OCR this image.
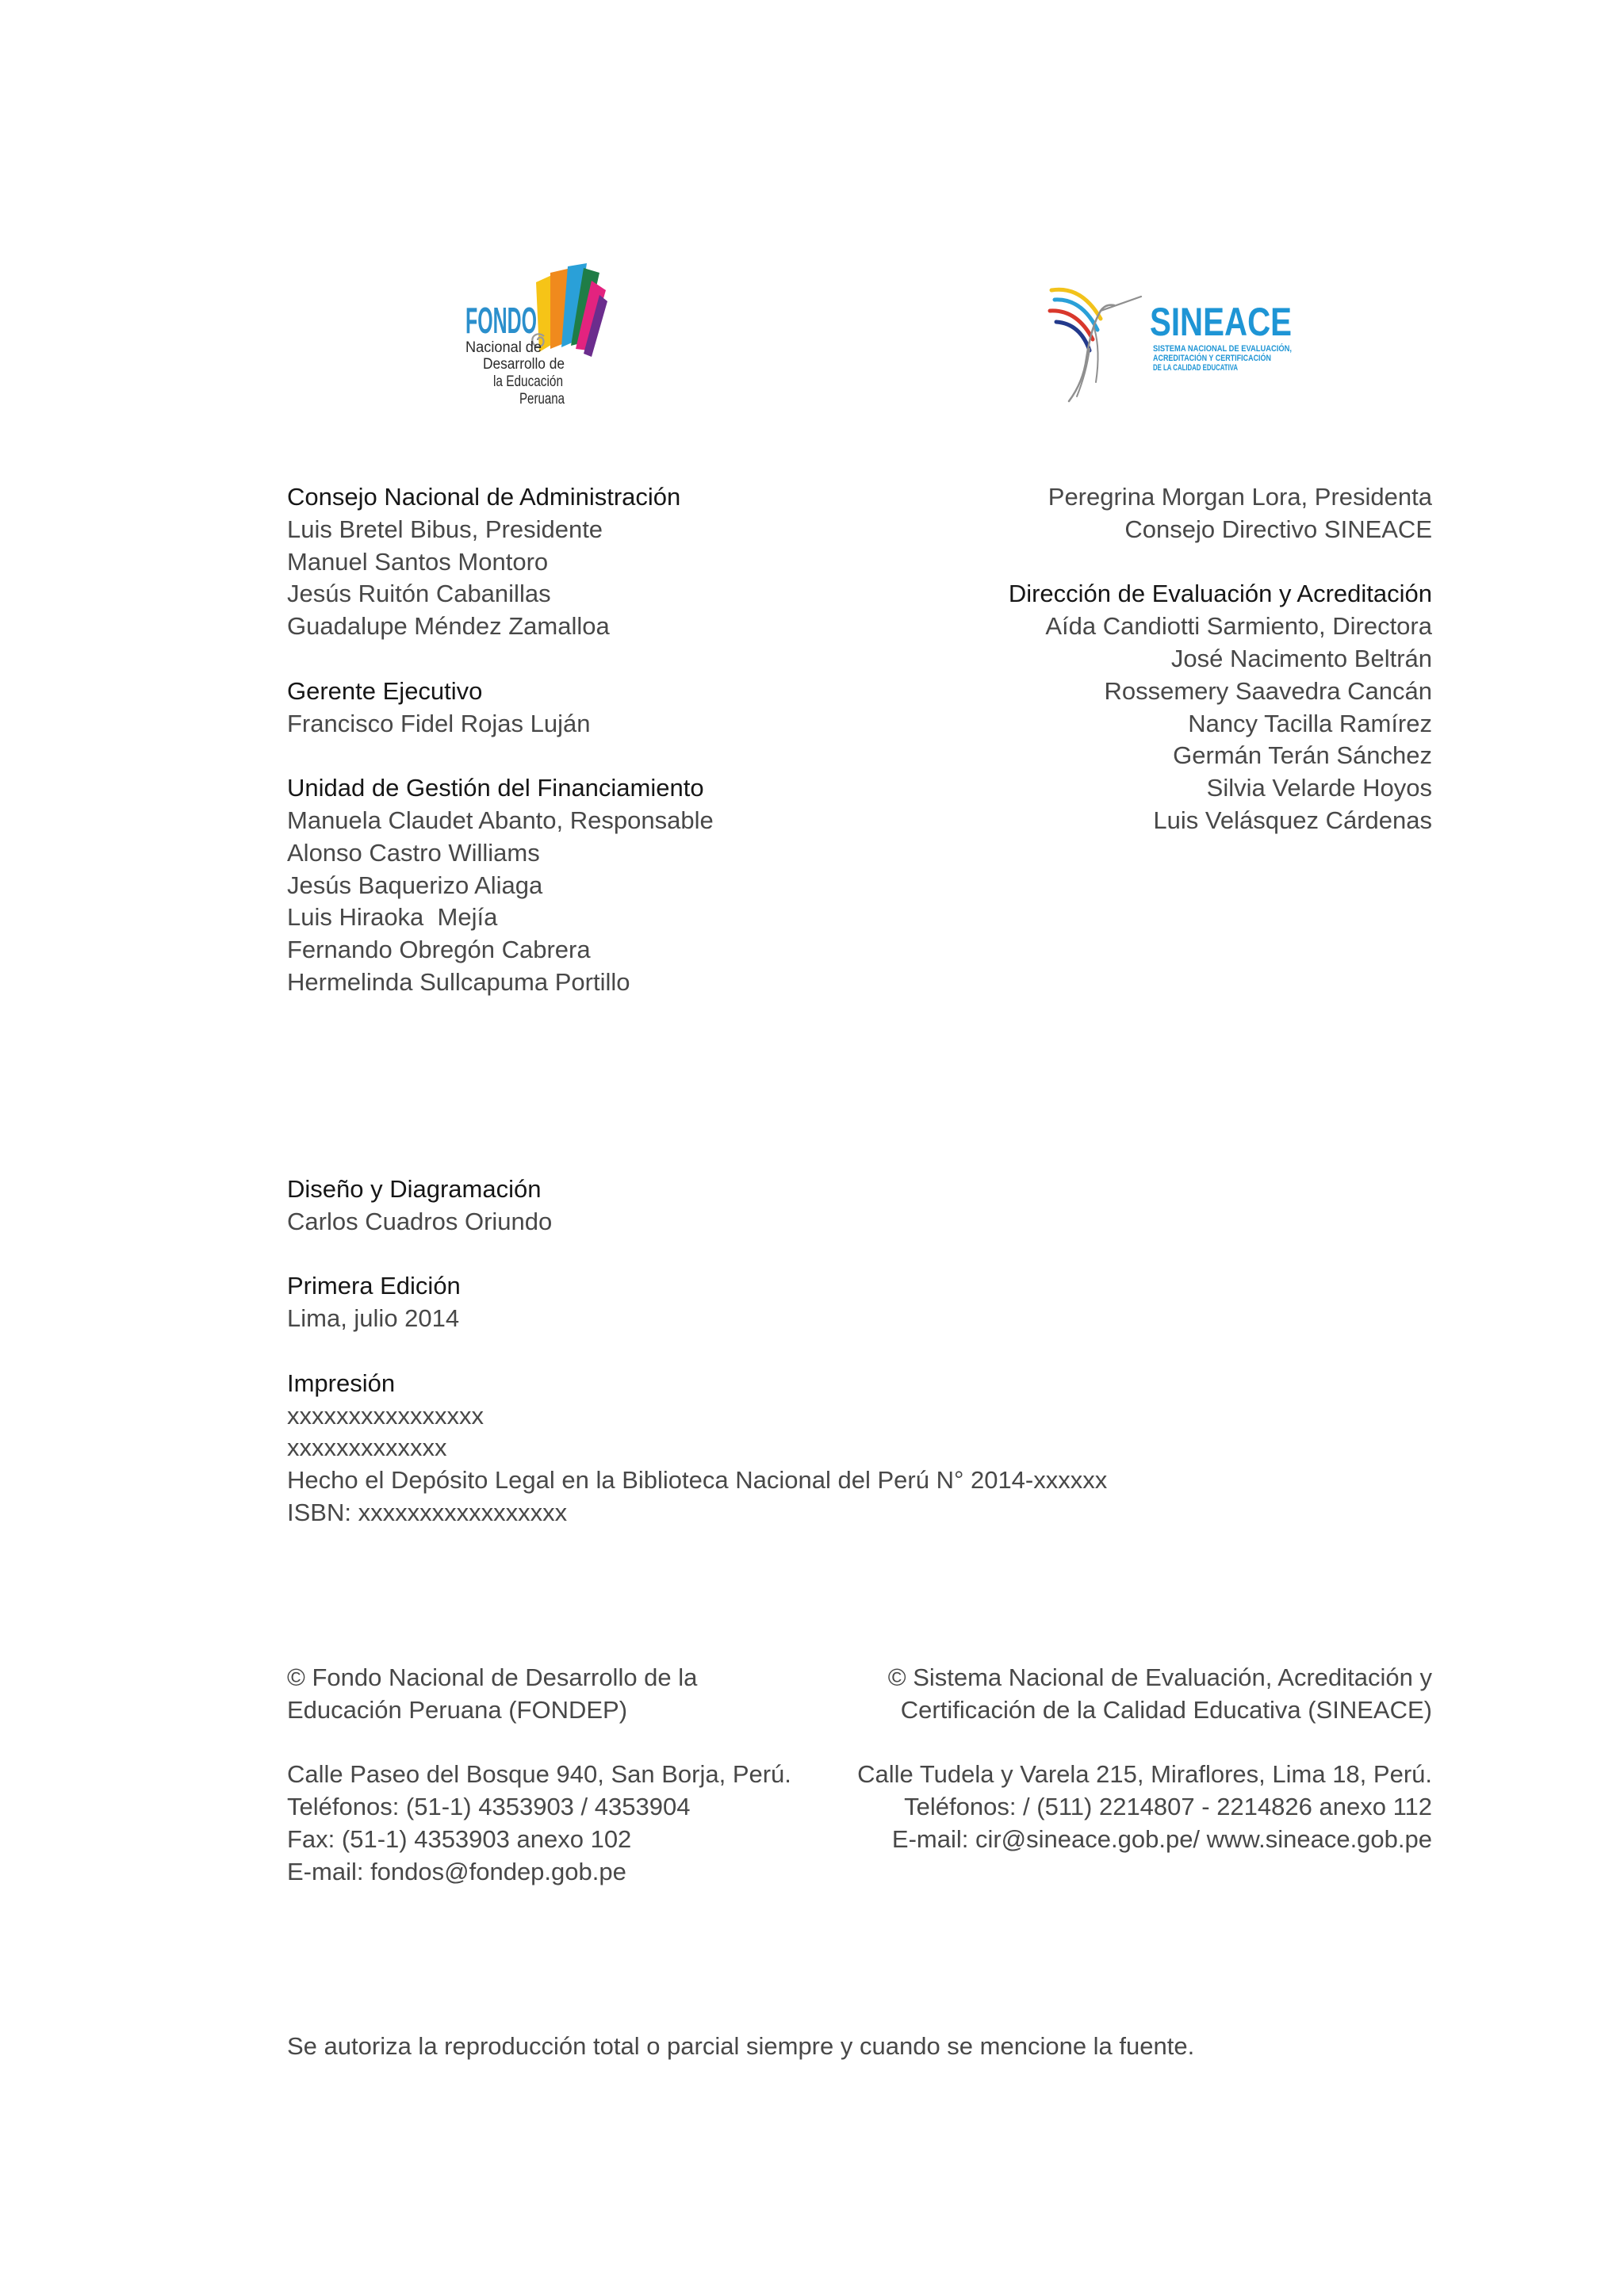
FONDO
Nacional de
Desarrollo de
la Educación
Peruana
SINEACE
SISTEMA NACIONAL DE EVALUACIÓN,
ACREDITACIÓN Y CERTIFICACIÓN
DE LA CALIDAD EDUCATIVA
Consejo Nacional de Administración
Luis Bretel Bibus, Presidente
Manuel Santos Montoro
Jesús Ruitón Cabanillas
Guadalupe Méndez Zamalloa
Gerente Ejecutivo
Francisco Fidel Rojas Luján
Unidad de Gestión del Financiamiento
Manuela Claudet Abanto, Responsable
Alonso Castro Williams
Jesús Baquerizo Aliaga
Luis Hiraoka  Mejía
Fernando Obregón Cabrera
Hermelinda Sullcapuma Portillo
Peregrina Morgan Lora, Presidenta
Consejo Directivo SINEACE
Dirección de Evaluación y Acreditación
Aída Candiotti Sarmiento, Directora
José Nacimento Beltrán
Rossemery Saavedra Cancán
Nancy Tacilla Ramírez
Germán Terán Sánchez
Silvia Velarde Hoyos
Luis Velásquez Cárdenas
Diseño y Diagramación
Carlos Cuadros Oriundo
Primera Edición
Lima, julio 2014
Impresión
xxxxxxxxxxxxxxxx
xxxxxxxxxxxxx
Hecho el Depósito Legal en la Biblioteca Nacional del Perú N° 2014-xxxxxx
ISBN: xxxxxxxxxxxxxxxxx
© Fondo Nacional de Desarrollo de la
Educación Peruana (FONDEP)
Calle Paseo del Bosque 940, San Borja, Perú.
Teléfonos: (51-1) 4353903 / 4353904
Fax: (51-1) 4353903 anexo 102
E-mail: fondos@fondep.gob.pe
© Sistema Nacional de Evaluación, Acreditación y
Certificación de la Calidad Educativa (SINEACE)
Calle Tudela y Varela 215, Miraflores, Lima 18, Perú.
Teléfonos: / (511) 2214807 - 2214826 anexo 112
E-mail: cir@sineace.gob.pe/ www.sineace.gob.pe
Se autoriza la reproducción total o parcial siempre y cuando se mencione la fuente.
